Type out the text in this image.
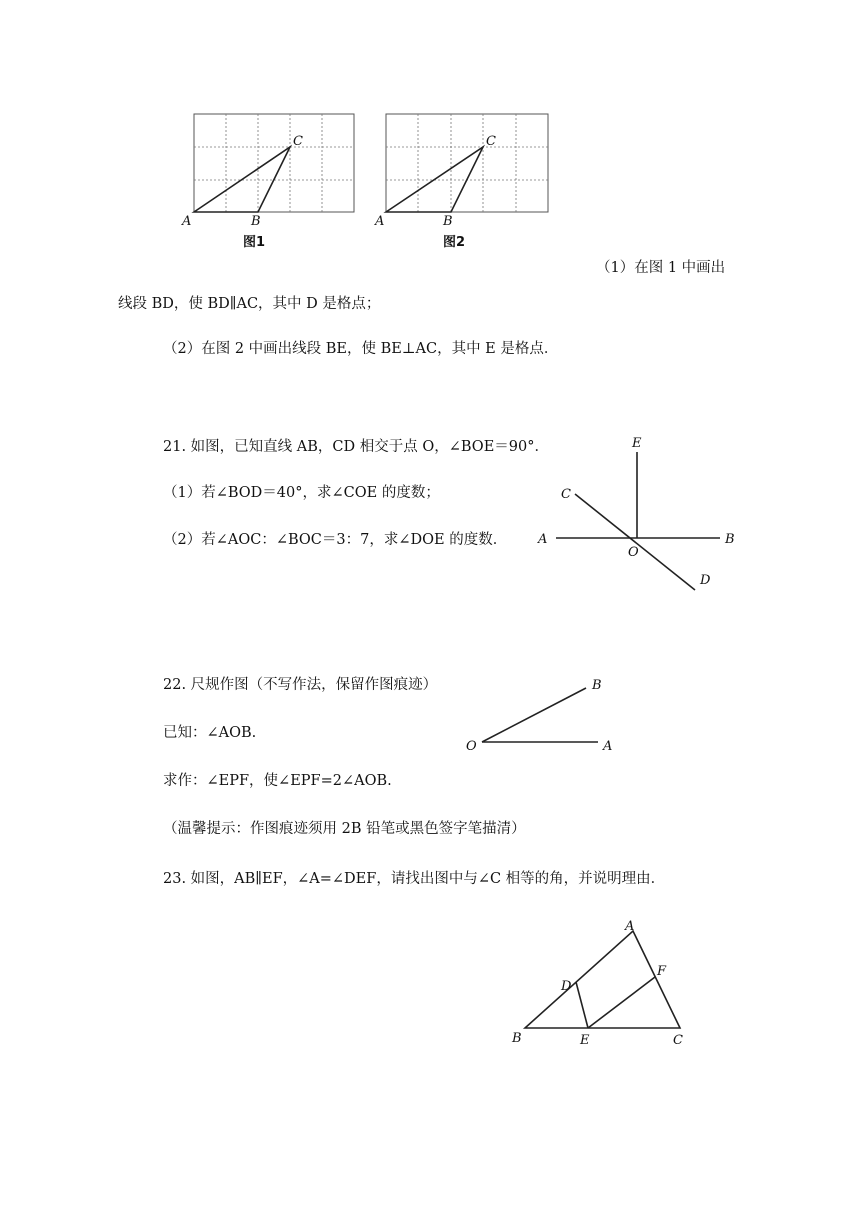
A	B
C
图1
A	B
C
图2
（1）在图 1 中画出
线段 BD，使 BD∥AC，其中 D 是格点；
（2）在图 2 中画出线段 BE，使 BE⊥AC，其中 E 是格点．
21. 如图，已知直线 AB，CD 相交于点 O，∠BOE＝90°．
（1）若∠BOD＝40°，求∠COE 的度数；
（2）若∠AOC：∠BOC＝3：7，求∠DOE 的度数．
E
C
A	B
O
D
22. 尺规作图（不写作法，保留作图痕迹）
已知：∠AOB.
求作：∠EPF，使∠EPF=2∠AOB.
（温馨提示：作图痕迹须用 2B 铅笔或黑色签字笔描清）
B
O	A
23. 如图，AB∥EF，∠A=∠DEF，请找出图中与∠C 相等的角，并说明理由．
A
F
D
B	E	C
